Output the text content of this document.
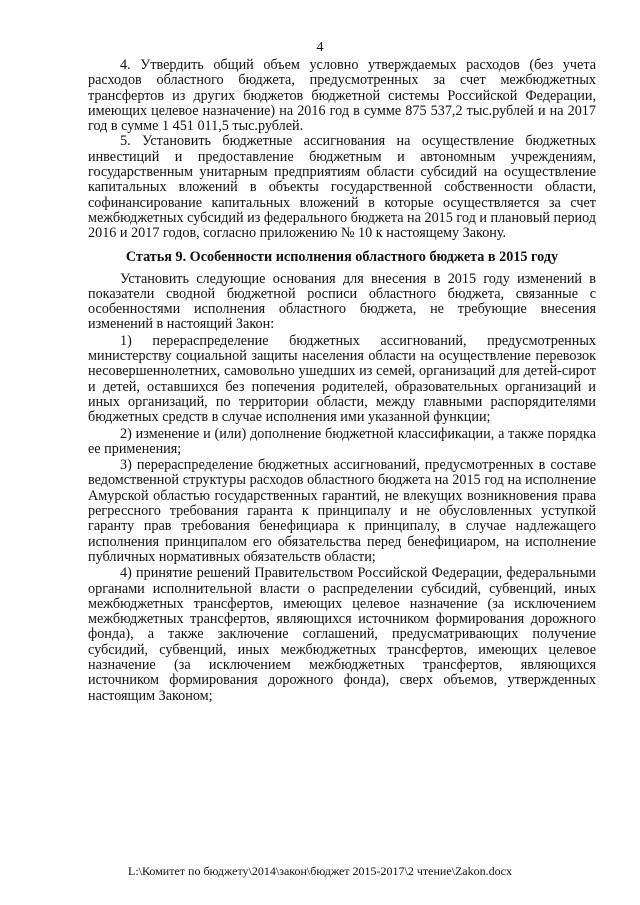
4

4. Утвердить общий объем условно утверждаемых расходов (без учета расходов областного бюджета, предусмотренных за счет межбюджетных трансфертов из других бюджетов бюджетной системы Российской Федерации, имеющих целевое назначение) на 2016 год в сумме 875 537,2 тыс.рублей и на 2017 год в сумме 1 451 011,5 тыс.рублей.

5. Установить бюджетные ассигнования на осуществление бюджетных инвестиций и предоставление бюджетным и автономным учреждениям, государственным унитарным предприятиям области субсидий на осуществление капитальных вложений в объекты государственной собственности области, софинансирование капитальных вложений в которые осуществляется за счет межбюджетных субсидий из федерального бюджета на 2015 год и плановый период 2016 и 2017 годов, согласно приложению № 10 к настоящему Закону.

Статья 9. Особенности исполнения областного бюджета в 2015 году

Установить следующие основания для внесения в 2015 году изменений в показатели сводной бюджетной росписи областного бюджета, связанные с особенностями исполнения областного бюджета, не требующие внесения изменений в настоящий Закон:

1) перераспределение бюджетных ассигнований, предусмотренных министерству социальной защиты населения области на осуществление перевозок несовершеннолетних, самовольно ушедших из семей, организаций для детей-сирот и детей, оставшихся без попечения родителей, образовательных организаций и иных организаций, по территории области, между главными распорядителями бюджетных средств в случае исполнения ими указанной функции;

2) изменение и (или) дополнение бюджетной классификации, а также порядка ее применения;

3) перераспределение бюджетных ассигнований, предусмотренных в составе ведомственной структуры расходов областного бюджета на 2015 год на исполнение Амурской областью государственных гарантий, не влекущих возникновения права регрессного требования гаранта к принципалу и не обусловленных уступкой гаранту прав требования бенефициара к принципалу, в случае надлежащего исполнения принципалом его обязательства перед бенефициаром, на исполнение публичных нормативных обязательств области;

4) принятие решений Правительством Российской Федерации, федеральными органами исполнительной власти о распределении субсидий, субвенций, иных межбюджетных трансфертов, имеющих целевое назначение (за исключением межбюджетных трансфертов, являющихся источником формирования дорожного фонда), а также заключение соглашений, предусматривающих получение субсидий, субвенций, иных межбюджетных трансфертов, имеющих целевое назначение (за исключением межбюджетных трансфертов, являющихся источником формирования дорожного фонда), сверх объемов, утвержденных настоящим Законом;

L:\Комитет по бюджету\2014\закон\бюджет 2015-2017\2 чтение\Zakon.docx
